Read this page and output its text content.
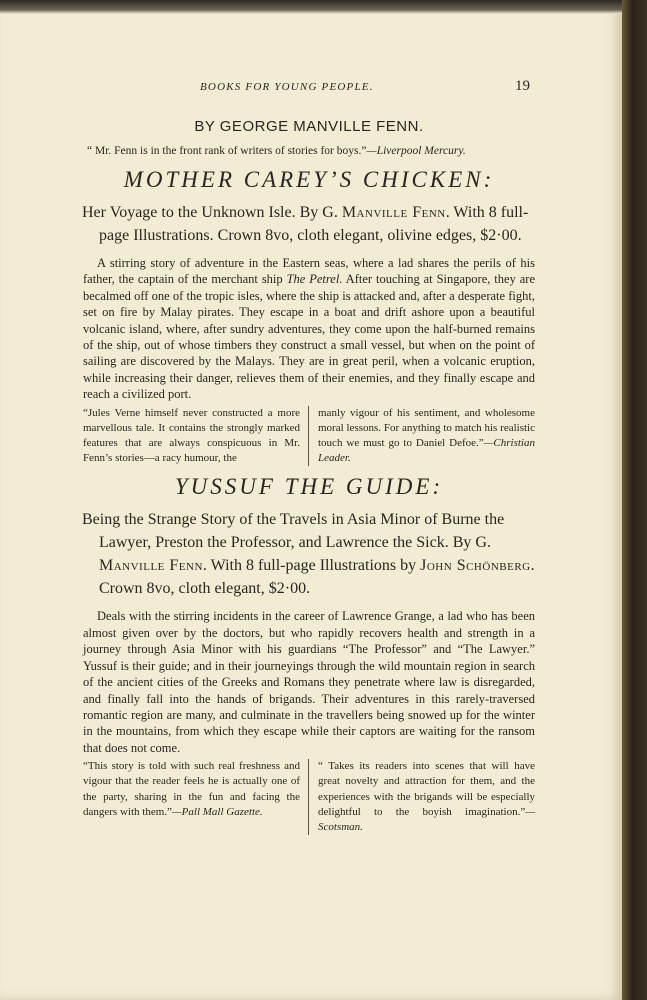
BOOKS FOR YOUNG PEOPLE.	19
BY GEORGE MANVILLE FENN.

“ Mr. Fenn is in the front rank of writers of stories for boys.”—Liverpool Mercury.

MOTHER CAREY’S CHICKEN:

Her Voyage to the Unknown Isle. By G. Manville Fenn. With 8 full-page Illustrations. Crown 8vo, cloth elegant, olivine edges, $2·00.

A stirring story of adventure in the Eastern seas, where a lad shares the perils of his father, the captain of the merchant ship The Petrel. After touching at Singapore, they are becalmed off one of the tropic isles, where the ship is attacked and, after a desperate fight, set on fire by Malay pirates. They escape in a boat and drift ashore upon a beautiful volcanic island, where, after sundry adventures, they come upon the half-burned remains of the ship, out of whose timbers they construct a small vessel, but when on the point of sailing are discovered by the Malays. They are in great peril, when a volcanic eruption, while increasing their danger, relieves them of their enemies, and they finally escape and reach a civilized port.

“Jules Verne himself never constructed a more marvellous tale. It contains the strongly marked features that are always conspicuous in Mr. Fenn’s stories—a racy humour, the
manly vigour of his sentiment, and wholesome moral lessons. For anything to match his realistic touch we must go to Daniel Defoe.”—Christian Leader.
YUSSUF THE GUIDE:

Being the Strange Story of the Travels in Asia Minor of Burne the Lawyer, Preston the Professor, and Lawrence the Sick. By G. Manville Fenn. With 8 full-page Illustrations by John Schönberg. Crown 8vo, cloth elegant, $2·00.

Deals with the stirring incidents in the career of Lawrence Grange, a lad who has been almost given over by the doctors, but who rapidly recovers health and strength in a journey through Asia Minor with his guardians “The Professor” and “The Lawyer.” Yussuf is their guide; and in their journeyings through the wild mountain region in search of the ancient cities of the Greeks and Romans they penetrate where law is disregarded, and finally fall into the hands of brigands. Their adventures in this rarely-traversed romantic region are many, and culminate in the travellers being snowed up for the winter in the mountains, from which they escape while their captors are waiting for the ransom that does not come.

“This story is told with such real freshness and vigour that the reader feels he is actually one of the party, sharing in the fun and facing the dangers with them.”—Pall Mall Gazette.
“ Takes its readers into scenes that will have great novelty and attraction for them, and the experiences with the brigands will be especially delightful to the boyish imagination.”—Scotsman.
